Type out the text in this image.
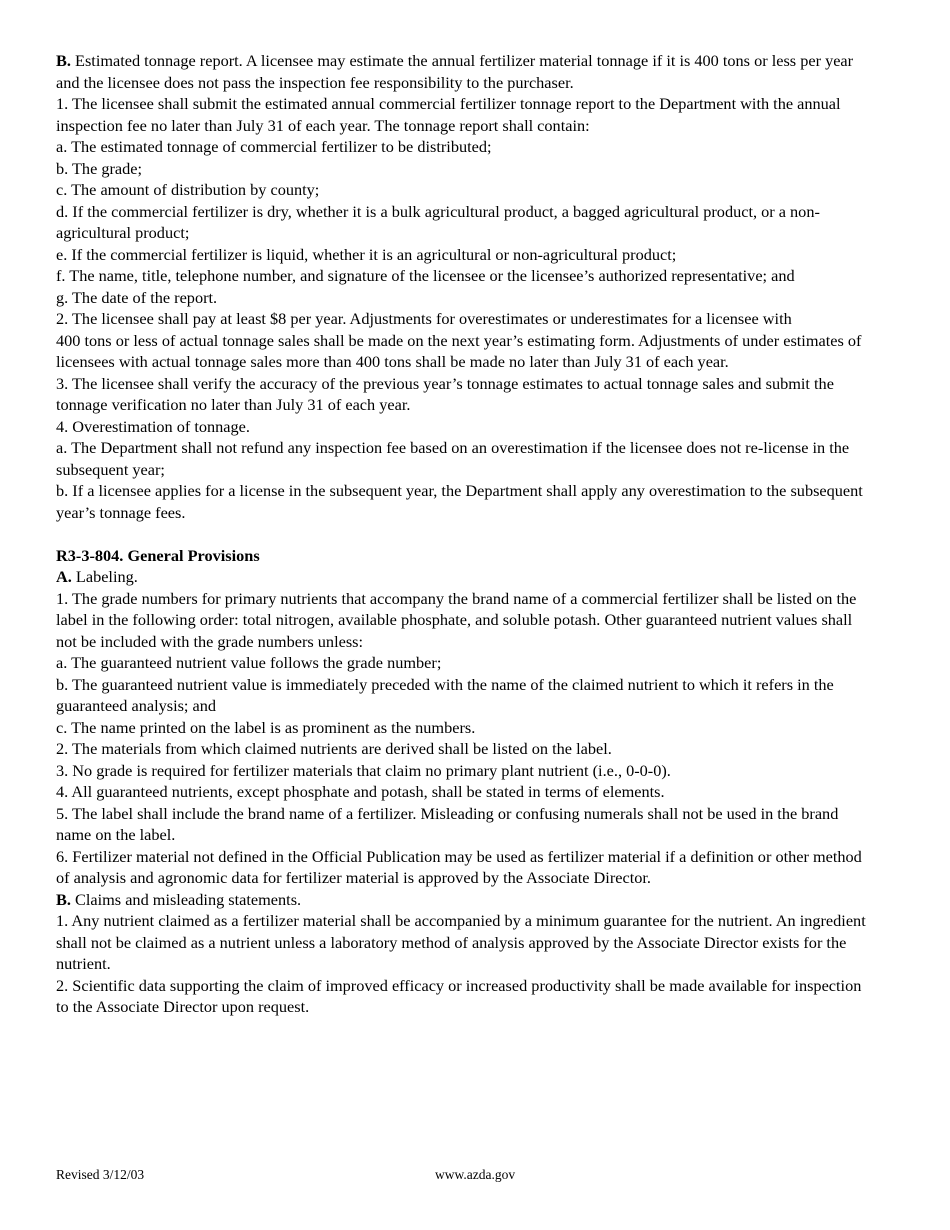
B. Estimated tonnage report. A licensee may estimate the annual fertilizer material tonnage if it is 400 tons or less per year and the licensee does not pass the inspection fee responsibility to the purchaser.

1. The licensee shall submit the estimated annual commercial fertilizer tonnage report to the Department with the annual inspection fee no later than July 31 of each year. The tonnage report shall contain:

a. The estimated tonnage of commercial fertilizer to be distributed;

b. The grade;

c. The amount of distribution by county;

d. If the commercial fertilizer is dry, whether it is a bulk agricultural product, a bagged agricultural product, or a non-agricultural product;

e. If the commercial fertilizer is liquid, whether it is an agricultural or non-agricultural product;

f. The name, title, telephone number, and signature of the licensee or the licensee’s authorized representative; and

g. The date of the report.

2. The licensee shall pay at least $8 per year. Adjustments for overestimates or underestimates for a licensee with

400 tons or less of actual tonnage sales shall be made on the next year’s estimating form. Adjustments of under estimates of licensees with actual tonnage sales more than 400 tons shall be made no later than July 31 of each year.

3. The licensee shall verify the accuracy of the previous year’s tonnage estimates to actual tonnage sales and submit the tonnage verification no later than July 31 of each year.

4. Overestimation of tonnage.

a. The Department shall not refund any inspection fee based on an overestimation if the licensee does not re-license in the subsequent year;

b. If a licensee applies for a license in the subsequent year, the Department shall apply any overestimation to the subsequent year’s tonnage fees.

R3-3-804. General Provisions

A. Labeling.

1. The grade numbers for primary nutrients that accompany the brand name of a commercial fertilizer shall be listed on the label in the following order: total nitrogen, available phosphate, and soluble potash. Other guaranteed nutrient values shall not be included with the grade numbers unless:

a. The guaranteed nutrient value follows the grade number;

b. The guaranteed nutrient value is immediately preceded with the name of the claimed nutrient to which it refers in the guaranteed analysis; and

c. The name printed on the label is as prominent as the numbers.

2. The materials from which claimed nutrients are derived shall be listed on the label.

3. No grade is required for fertilizer materials that claim no primary plant nutrient (i.e., 0-0-0).

4. All guaranteed nutrients, except phosphate and potash, shall be stated in terms of elements.

5. The label shall include the brand name of a fertilizer. Misleading or confusing numerals shall not be used in the brand name on the label.

6. Fertilizer material not defined in the Official Publication may be used as fertilizer material if a definition or other method of analysis and agronomic data for fertilizer material is approved by the Associate Director.

B. Claims and misleading statements.

1. Any nutrient claimed as a fertilizer material shall be accompanied by a minimum guarantee for the nutrient. An ingredient shall not be claimed as a nutrient unless a laboratory method of analysis approved by the Associate Director exists for the nutrient.

2. Scientific data supporting the claim of improved efficacy or increased productivity shall be made available for inspection to the Associate Director upon request.

Revised 3/12/03	www.azda.gov
